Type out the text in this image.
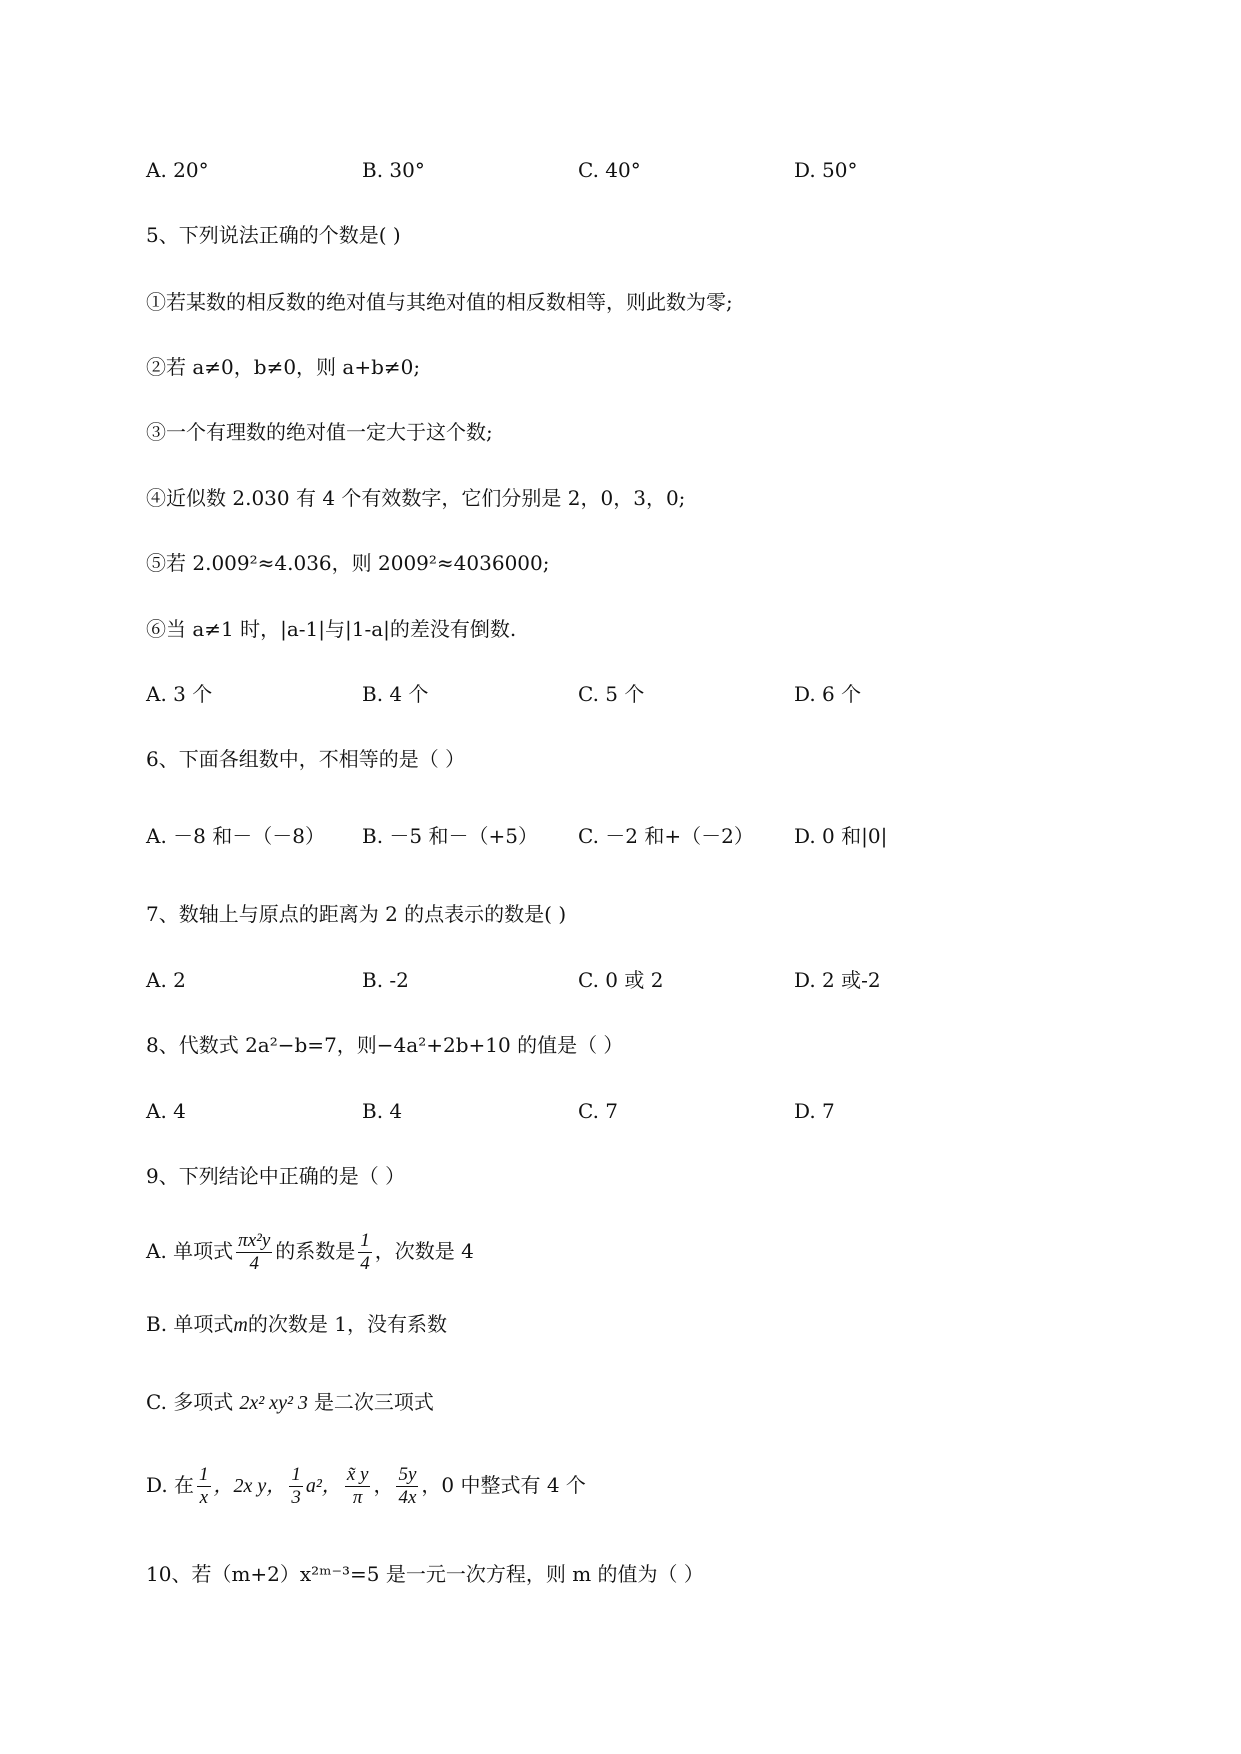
A. 20°	B. 30°	C. 40°	D. 50°
5、下列说法正确的个数是( )
①若某数的相反数的绝对值与其绝对值的相反数相等，则此数为零;
②若 a≠0，b≠0，则 a+b≠0;
③一个有理数的绝对值一定大于这个数;
④近似数 2.030 有 4 个有效数字，它们分别是 2，0，3，0;
⑤若 2.009²≈4.036，则 2009²≈4036000;
⑥当 a≠1 时，|a-1|与|1-a|的差没有倒数.
A. 3 个	B. 4 个	C. 5 个	D. 6 个
6、下面各组数中，不相等的是（ ）
A. －8 和－（－8） B. －5 和－（+5） C. －2 和+（－2） D. 0 和|0|
7、数轴上与原点的距离为 2 的点表示的数是( )
A. 2	B. -2	C. 0 或 2	D. 2 或-2
8、代数式 2a²−b=7，则−4a²+2b+10 的值是（ ）
A. 4	B. 4	C. 7	D. 7
9、下列结论中正确的是（ ）
A. 单项式 $\frac{\text{πx²y}}{4}$ 的系数是 $\frac{1}{4}$ ，次数是 4
B. 单项式m的次数是 1，没有系数
C. 多项式 2x² xy² 3 是二次三项式
D. 在 $\frac{1}{x}$ ，2x y， $\frac{1}{3} a^2$， $\frac{x̃ y}{\pi}$ ， $\frac{5y}{4x}$ ，0 中整式有 4 个
10、若（m+2）x²ᵐ⁻³=5 是一元一次方程，则 m 的值为（ ）
